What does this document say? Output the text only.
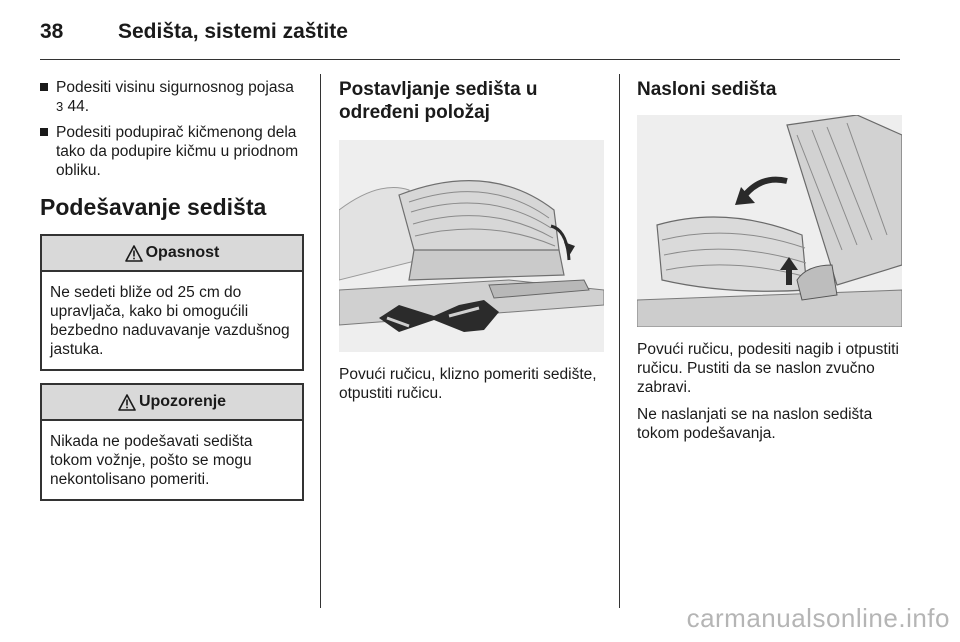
38	Sedišta, sistemi zaštite
Podesiti visinu sigurnosnog pojasa
3 44.
Podesiti podupirač kičmenong dela tako da podupire kičmu u priodnom obliku.
Podešavanje sedišta
Opasnost
Ne sedeti bliže od 25 cm do upravljača, kako bi omogućili bezbedno naduvavanje vazdušnog jastuka.
Upozorenje
Nikada ne podešavati sedišta tokom vožnje, pošto se mogu nekontolisano pomeriti.
Postavljanje sedišta u određeni položaj

Povući ručicu, klizno pomeriti sedište, otpustiti ručicu.

Nasloni sedišta

Povući ručicu, podesiti nagib i otpustiti ručicu. Pustiti da se naslon zvučno zabravi.

Ne naslanjati se na naslon sedišta tokom podešavanja.

carmanualsonline.info
